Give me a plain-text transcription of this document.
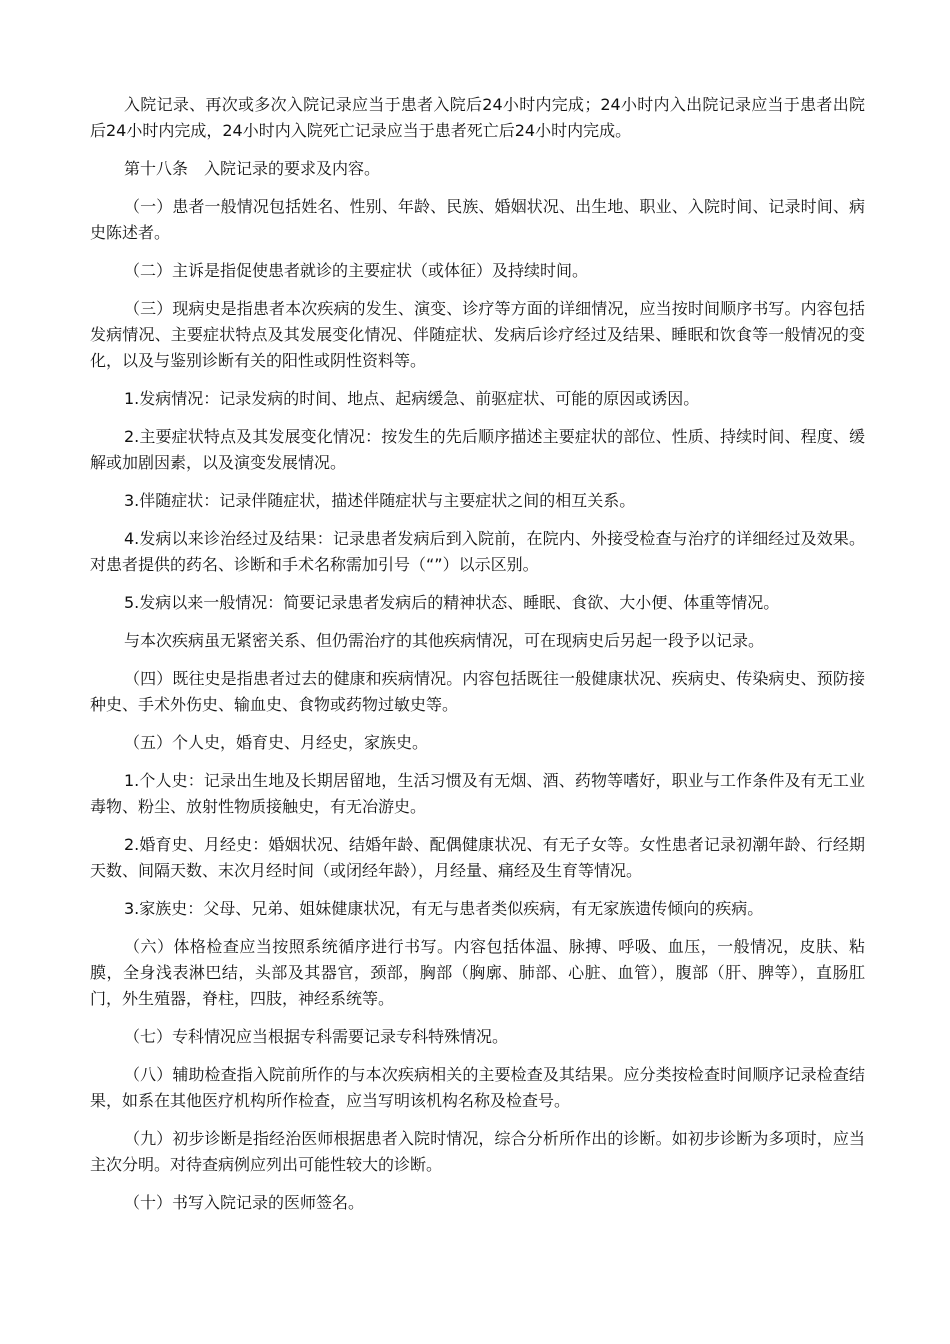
入院记录、再次或多次入院记录应当于患者入院后24小时内完成；24小时内入出院记录应当于患者出院后24小时内完成，24小时内入院死亡记录应当于患者死亡后24小时内完成。

第十八条　入院记录的要求及内容。

（一）患者一般情况包括姓名、性别、年龄、民族、婚姻状况、出生地、职业、入院时间、记录时间、病史陈述者。

（二）主诉是指促使患者就诊的主要症状（或体征）及持续时间。

（三）现病史是指患者本次疾病的发生、演变、诊疗等方面的详细情况，应当按时间顺序书写。内容包括发病情况、主要症状特点及其发展变化情况、伴随症状、发病后诊疗经过及结果、睡眠和饮食等一般情况的变化，以及与鉴别诊断有关的阳性或阴性资料等。

1.发病情况：记录发病的时间、地点、起病缓急、前驱症状、可能的原因或诱因。

2.主要症状特点及其发展变化情况：按发生的先后顺序描述主要症状的部位、性质、持续时间、程度、缓解或加剧因素，以及演变发展情况。

3.伴随症状：记录伴随症状，描述伴随症状与主要症状之间的相互关系。

4.发病以来诊治经过及结果：记录患者发病后到入院前，在院内、外接受检查与治疗的详细经过及效果。对患者提供的药名、诊断和手术名称需加引号（“”）以示区别。

5.发病以来一般情况：简要记录患者发病后的精神状态、睡眠、食欲、大小便、体重等情况。

与本次疾病虽无紧密关系、但仍需治疗的其他疾病情况，可在现病史后另起一段予以记录。

（四）既往史是指患者过去的健康和疾病情况。内容包括既往一般健康状况、疾病史、传染病史、预防接种史、手术外伤史、输血史、食物或药物过敏史等。

（五）个人史，婚育史、月经史，家族史。

1.个人史：记录出生地及长期居留地，生活习惯及有无烟、酒、药物等嗜好，职业与工作条件及有无工业毒物、粉尘、放射性物质接触史，有无冶游史。

2.婚育史、月经史：婚姻状况、结婚年龄、配偶健康状况、有无子女等。女性患者记录初潮年龄、行经期天数、间隔天数、末次月经时间（或闭经年龄），月经量、痛经及生育等情况。

3.家族史：父母、兄弟、姐妹健康状况，有无与患者类似疾病，有无家族遗传倾向的疾病。

（六）体格检查应当按照系统循序进行书写。内容包括体温、脉搏、呼吸、血压，一般情况，皮肤、粘膜，全身浅表淋巴结，头部及其器官，颈部，胸部（胸廓、肺部、心脏、血管），腹部（肝、脾等），直肠肛门，外生殖器，脊柱，四肢，神经系统等。

（七）专科情况应当根据专科需要记录专科特殊情况。

（八）辅助检查指入院前所作的与本次疾病相关的主要检查及其结果。应分类按检查时间顺序记录检查结果，如系在其他医疗机构所作检查，应当写明该机构名称及检查号。

（九）初步诊断是指经治医师根据患者入院时情况，综合分析所作出的诊断。如初步诊断为多项时，应当主次分明。对待查病例应列出可能性较大的诊断。

（十）书写入院记录的医师签名。
